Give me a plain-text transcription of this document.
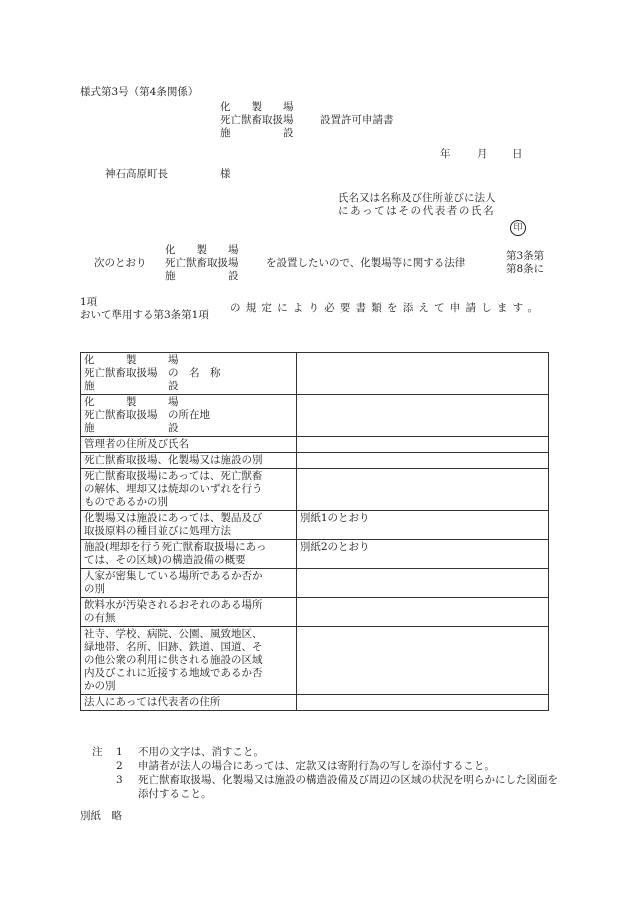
様式第3号（第4条関係）
化　　製　　場
死亡獣畜取扱場
施　　　　　設
設置許可申請書
年	月 日
神石高原町長	様
氏名又は名称及び住所並びに法人
にあってはその代表者の氏名
印
次のとおり
化　　製　　場
死亡獣畜取扱場
施　　　　　設
を設置したいので、化製場等に関する法律
第3条第
第8条に
1項
おいて準用する第3条第1項
の規定により必要書類を添えて申請します。
化　　　製　　　場
死亡獣畜取扱場　の　名　称
施　　　　　　　設	

化　　　製　　　場
死亡獣畜取扱場　の所在地
施　　　　　　　設	

管理者の住所及び氏名	

死亡獣畜取扱場、化製場又は施設の別	

死亡獣畜取扱場にあっては、死亡獣畜
の解体、埋却又は焼却のいずれを行う
ものであるかの別	

化製場又は施設にあっては、製品及び
取扱原料の種目並びに処理方法	別紙1のとおり

施設(埋却を行う死亡獣畜取扱場にあっ
ては、その区域)の構造設備の概要	別紙2のとおり

人家が密集している場所であるか否か
の別	

飲料水が汚染されるおそれのある場所
の有無	

社寺、学校、病院、公園、風致地区、
緑地帯、名所、旧跡、鉄道、国道、そ
の他公衆の利用に供される施設の区域
内及びこれに近接する地域であるか否
かの別	

法人にあっては代表者の住所	

注	1	不用の文字は、消すこと。
2	申請者が法人の場合にあっては、定款又は寄附行為の写しを添付すること。
3	死亡獣畜取扱場、化製場又は施設の構造設備及び周辺の区域の状況を明らかにした図面を添付すること。
別紙　略
